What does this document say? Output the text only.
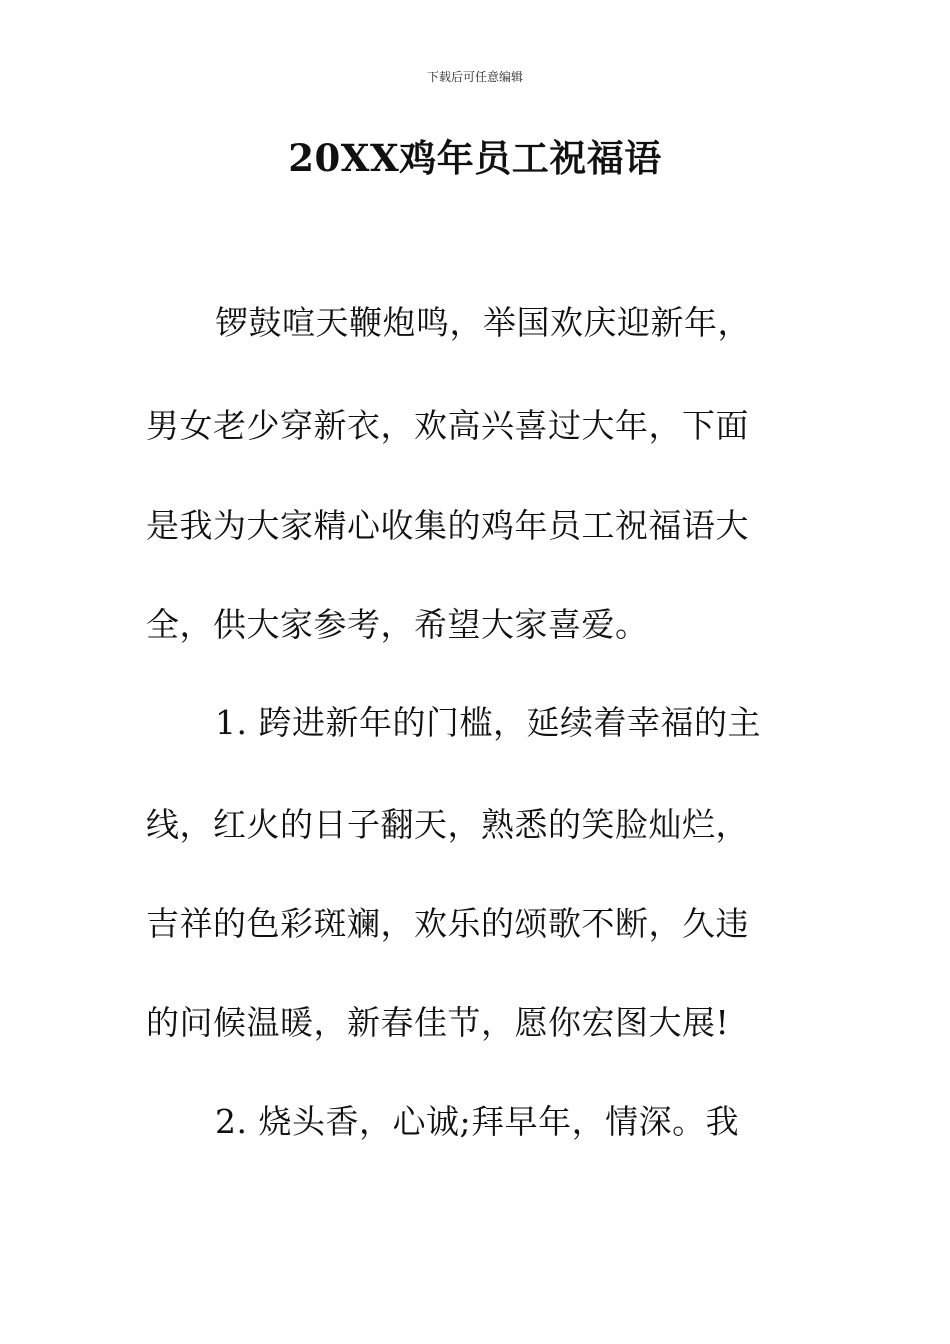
下载后可任意编辑
20XX鸡年员工祝福语
锣鼓喧天鞭炮鸣，举国欢庆迎新年，
男女老少穿新衣，欢高兴喜过大年，下面
是我为大家精心收集的鸡年员工祝福语大
全，供大家参考，希望大家喜爱。
1. 跨进新年的门槛，延续着幸福的主
线，红火的日子翻天，熟悉的笑脸灿烂，
吉祥的色彩斑斓，欢乐的颂歌不断，久违
的问候温暖，新春佳节，愿你宏图大展!
2. 烧头香，心诚;拜早年，情深。我
